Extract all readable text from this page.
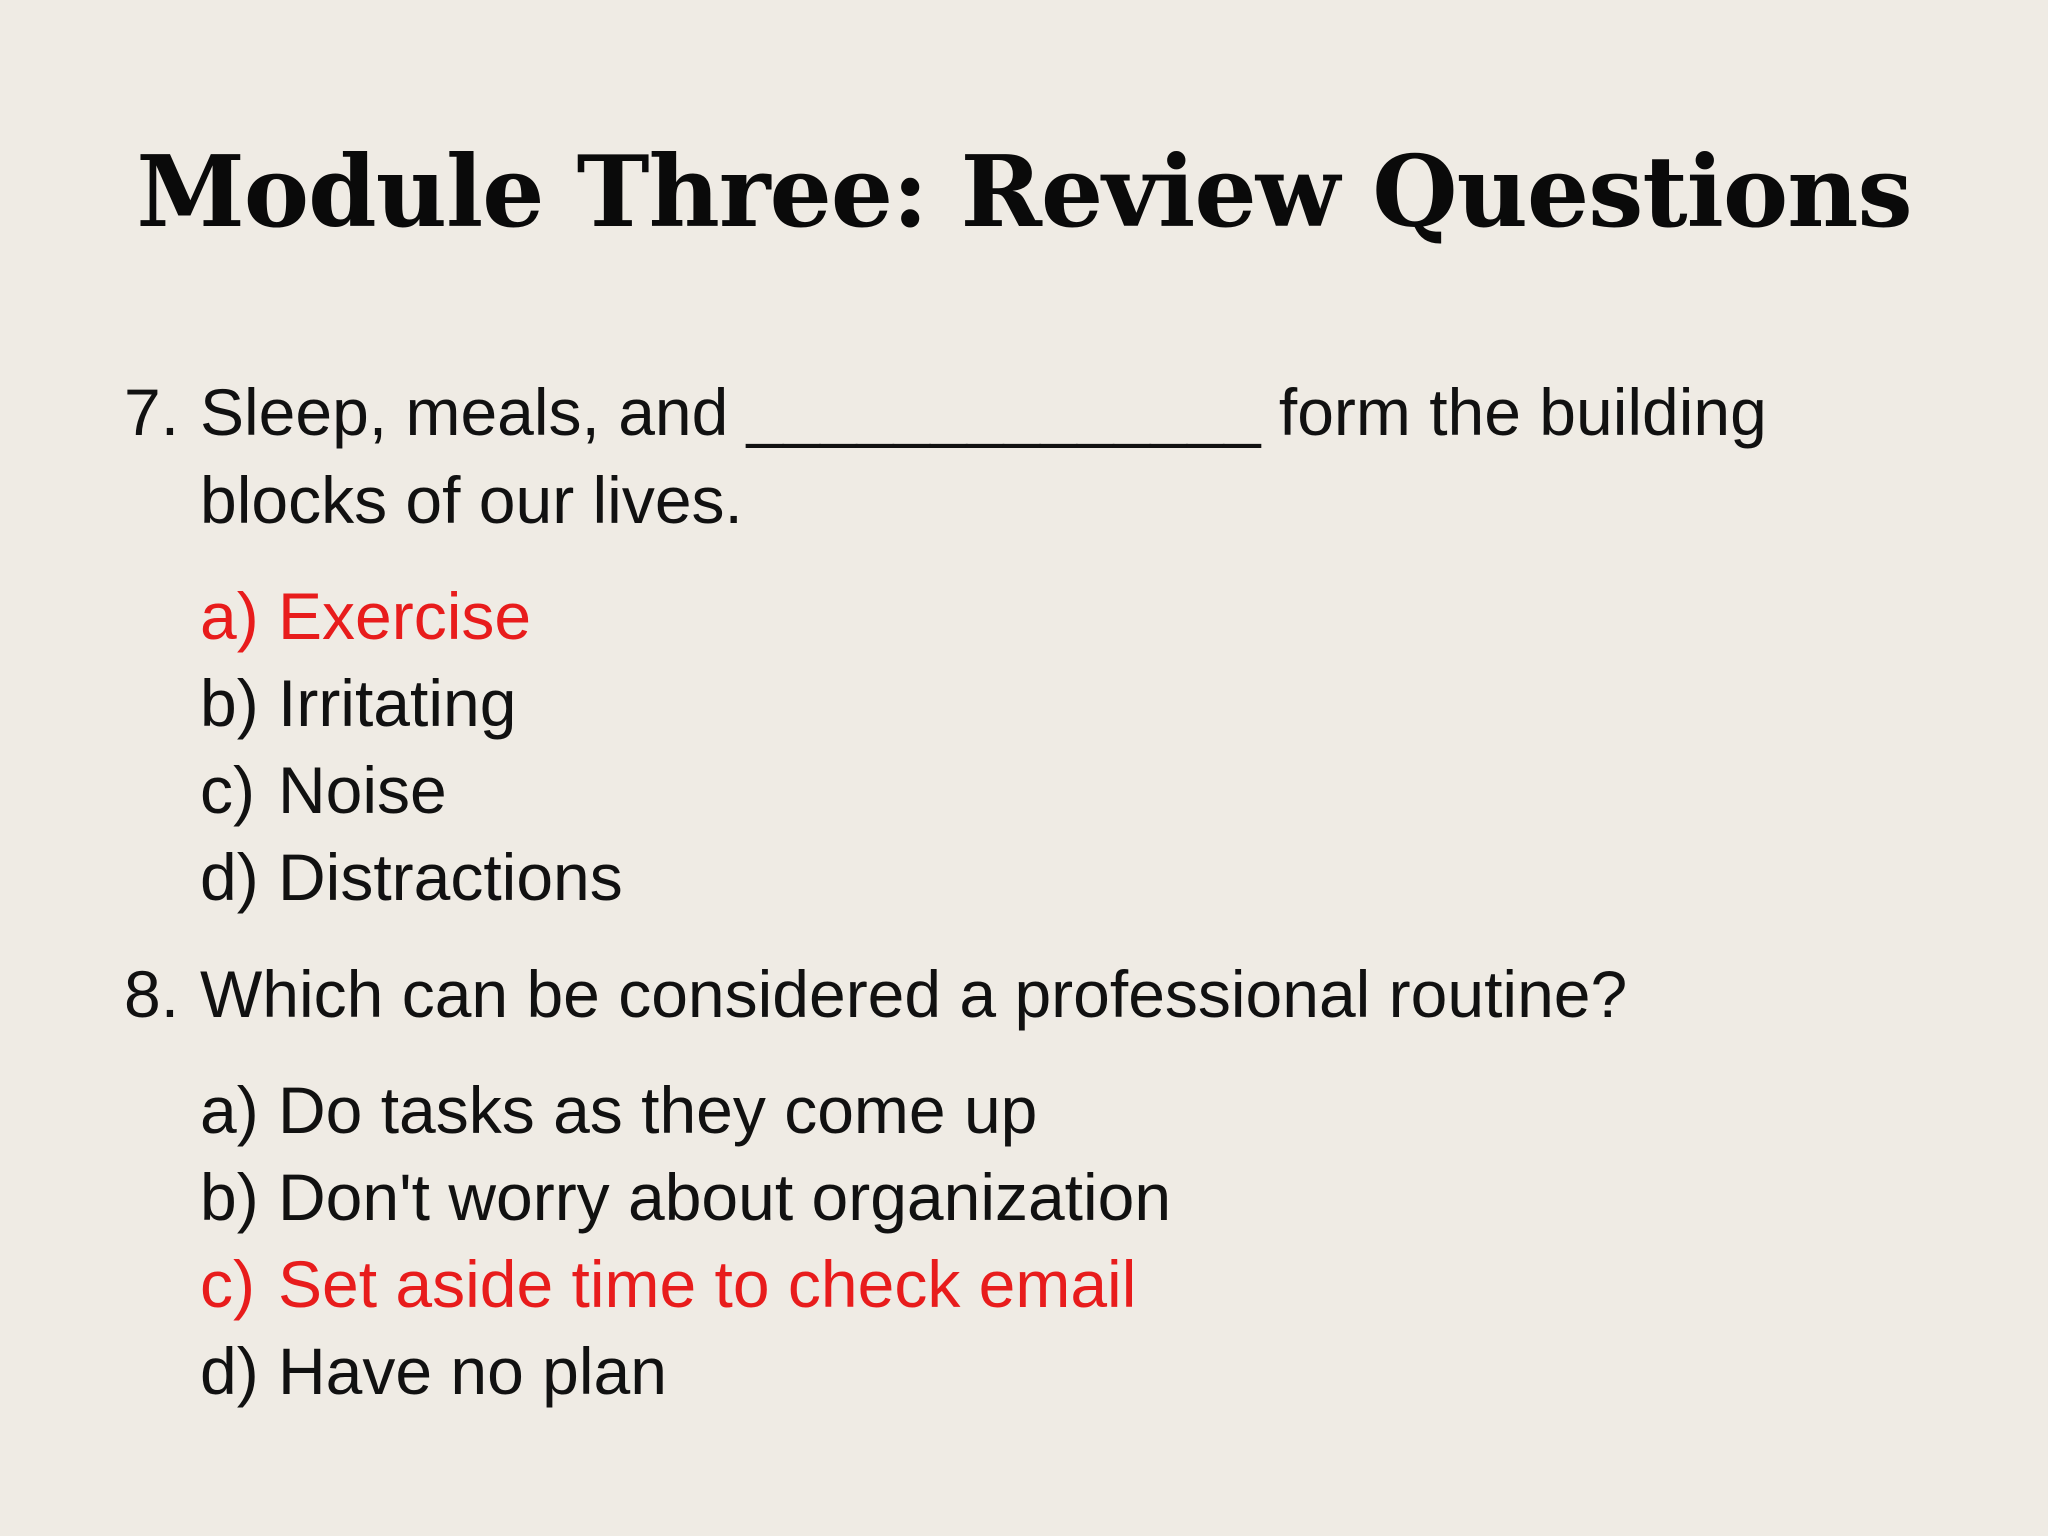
Module Three: Review Questions
7. Sleep, meals, and ______________ form the building blocks of our lives.
a) Exercise
b) Irritating
c) Noise
d) Distractions
8. Which can be considered a professional routine?
a) Do tasks as they come up
b) Don't worry about organization
c) Set aside time to check email
d) Have no plan
